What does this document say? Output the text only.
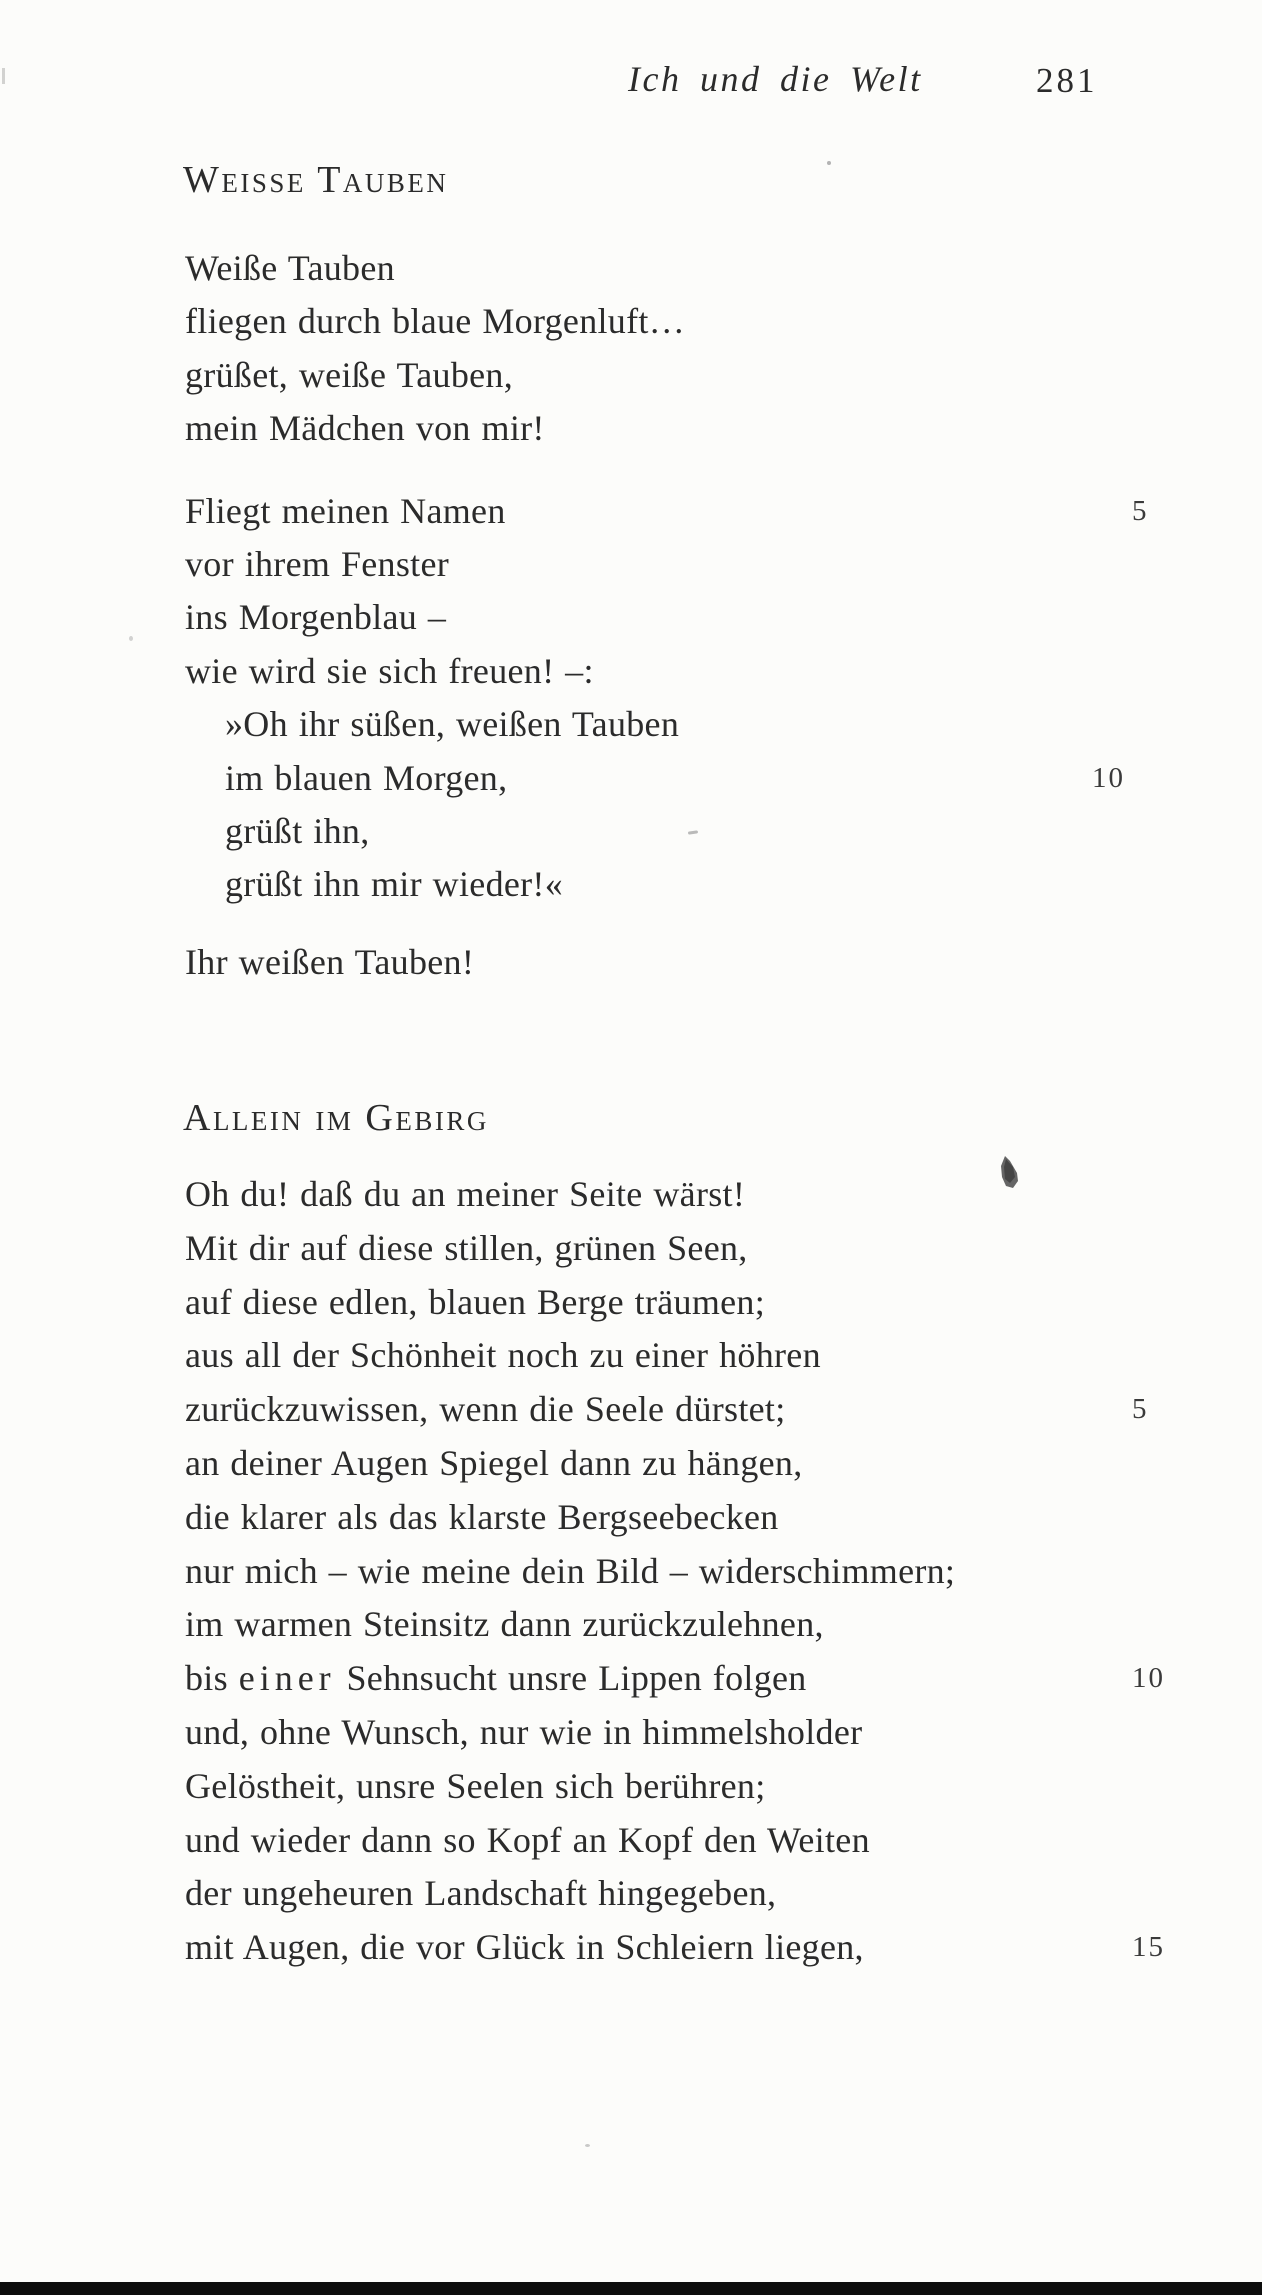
Ich und die Welt	281
Weisse Tauben
Weiße Tauben
fliegen durch blaue Morgenluft…
grüßet, weiße Tauben,
mein Mädchen von mir!
Fliegt meinen Namen	5
vor ihrem Fenster
ins Morgenblau –
wie wird sie sich freuen! –:
»Oh ihr süßen, weißen Tauben
im blauen Morgen,	10
grüßt ihn,
grüßt ihn mir wieder!«
Ihr weißen Tauben!
Allein im Gebirg
Oh du! daß du an meiner Seite wärst!
Mit dir auf diese stillen, grünen Seen,
auf diese edlen, blauen Berge träumen;
aus all der Schönheit noch zu einer höhren
zurückzuwissen, wenn die Seele dürstet;	5
an deiner Augen Spiegel dann zu hängen,
die klarer als das klarste Bergseebecken
nur mich – wie meine dein Bild – widerschimmern;
im warmen Steinsitz dann zurückzulehnen,
bis einer Sehnsucht unsre Lippen folgen	10
und, ohne Wunsch, nur wie in himmelsholder
Gelöstheit, unsre Seelen sich berühren;
und wieder dann so Kopf an Kopf den Weiten
der ungeheuren Landschaft hingegeben,
mit Augen, die vor Glück in Schleiern liegen,	15
